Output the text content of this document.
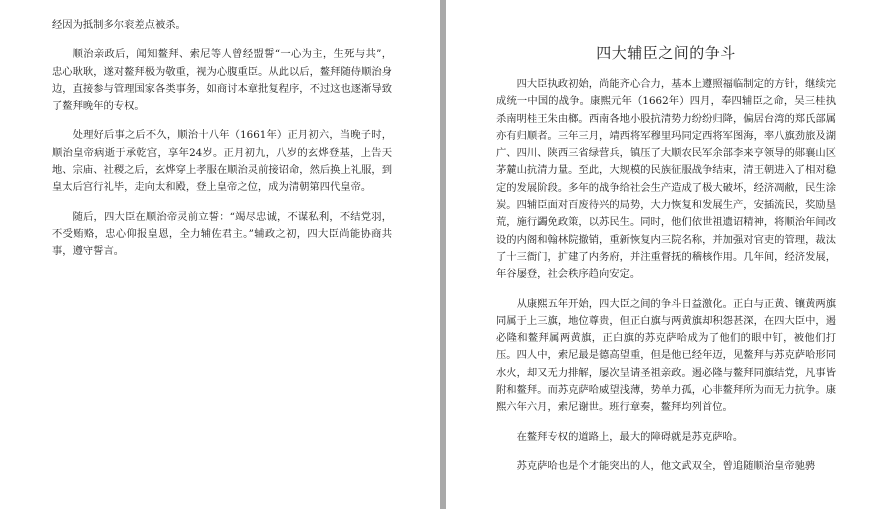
经因为抵制多尔衮差点被杀。

顺治亲政后，闻知鳌拜、索尼等人曾经盟誓“一心为主，生死与共”，忠心耿耿，遂对鳌拜极为敬重，视为心腹重臣。从此以后，鳌拜随侍顺治身边，直接参与管理国家各类事务，如商讨本章批复程序，不过这也逐渐导致了鳌拜晚年的专权。

处理好后事之后不久，顺治十八年（1661年）正月初六，当晚子时，顺治皇帝病逝于承乾宫，享年24岁。正月初九，八岁的玄烨登基，上告天地、宗庙、社稷之后，玄烨穿上孝服在顺治灵前接诏命，然后换上礼服，到皇太后宫行礼毕，走向太和殿，登上皇帝之位，成为清朝第四代皇帝。

随后，四大臣在顺治帝灵前立誓：“竭尽忠诚，不谋私利，不结党羽，不受贿赂，忠心仰报皇恩，全力辅佐君主。”辅政之初，四大臣尚能协商共事，遵守誓言。

四大辅臣之间的争斗

四大臣执政初始，尚能齐心合力，基本上遵照福临制定的方针，继续完成统一中国的战争。康熙元年（1662年）四月，奉四辅臣之命，吴三桂执杀南明桂王朱由榔。西南各地小股抗清势力纷纷归降，偏居台湾的郑氏部属亦有归顺者。三年三月，靖西将军穆里玛同定西将军图海，率八旗劲旅及湖广、四川、陕西三省绿营兵，镇压了大顺农民军余部李来亨领导的郧襄山区茅麓山抗清力量。至此，大规模的民族征服战争结束，清王朝进入了相对稳定的发展阶段。多年的战争给社会生产造成了极大破坏，经济凋敝，民生涂炭。四辅臣面对百废待兴的局势，大力恢复和发展生产，安插流民，奖励垦荒，施行蠲免政策，以苏民生。同时，他们依世祖遗诏精神，将顺治年间改设的内阁和翰林院撤销，重新恢复内三院名称，并加强对官吏的管理，裁汰了十三衙门，扩建了内务府，并注重督抚的稽核作用。几年间，经济发展，年谷屡登，社会秩序趋向安定。

从康熙五年开始，四大臣之间的争斗日益激化。正白与正黄、镶黄两旗同属于上三旗，地位尊贵，但正白旗与两黄旗却积怨甚深，在四大臣中，遏必隆和鳌拜属两黄旗，正白旗的苏克萨哈成为了他们的眼中钉，被他们打压。四人中，索尼最是德高望重，但是他已经年迈，见鳌拜与苏克萨哈形同水火，却又无力排解，屡次呈请圣祖亲政。遏必隆与鳌拜同旗结党，凡事皆附和鳌拜。而苏克萨哈威望浅薄，势单力孤，心非鳌拜所为而无力抗争。康熙六年六月，索尼谢世。班行章奏，鳌拜均列首位。

在鳌拜专权的道路上，最大的障碍就是苏克萨哈。

苏克萨哈也是个才能突出的人，他文武双全，曾追随顺治皇帝驰骋
